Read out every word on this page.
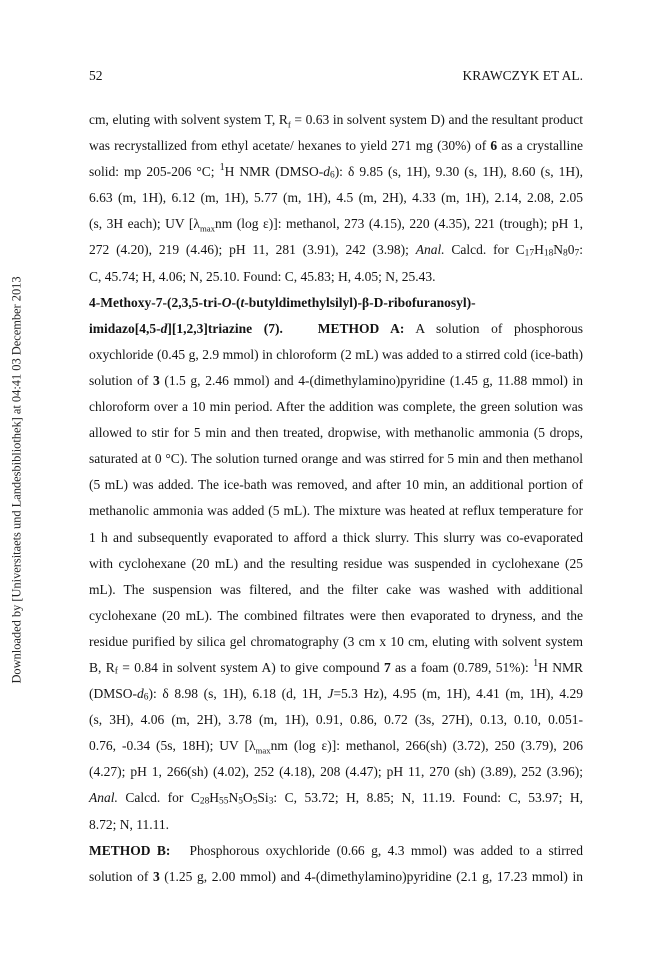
Downloaded by [Universitaets und Landesbibliothek] at 04:41 03 December 2013
52	KRAWCZYK ET AL.
cm, eluting with solvent system T, $R_f = 0.63$ in solvent system D) and the resultant product
was recrystallized from ethyl acetate/ hexanes to yield 271 mg (30%) of 6 as a crystalline
solid: mp 205-206 °C; $^1$H NMR $(DMSO-d_6)$: δ 9.85 (s, 1H), 9.30 (s, 1H), 8.60 (s, 1H),
6.63 (m, 1H), 6.12 (m, 1H), 5.77 (m, 1H), 4.5 (m, 2H), 4.33 (m, 1H), 2.14, 2.08, 2.05
(s, 3H each); UV [$\lambda_{max}nm$ (log ε)]: methanol, 273 (4.15), 220 (4.35), 221 (trough); pH 1,
272 (4.20), 219 (4.46); pH 11, 281 (3.91), 242 (3.98); Anal. Calcd. for $C_{17}H_{18}N_80_7$:
C, 45.74; H, 4.06; N, 25.10. Found: C, 45.83; H, 4.05; N, 25.43.
4-Methoxy-7-(2,3,5-tri-O-(t-butyldimethylsilyl)-β-D-ribofuranosyl)-
imidazo[4,5-d][1,2,3]triazine (7).	METHOD A: A solution of phosphorous
oxychloride (0.45 g, 2.9 mmol) in chloroform (2 mL) was added to a stirred cold (ice-bath)
solution of 3 (1.5 g, 2.46 mmol) and 4-(dimethylamino)pyridine (1.45 g, 11.88 mmol) in
chloroform over a 10 min period. After the addition was complete, the green solution was
allowed to stir for 5 min and then treated, dropwise, with methanolic ammonia (5 drops,
saturated at 0 °C). The solution turned orange and was stirred for 5 min and then methanol
(5 mL) was added. The ice-bath was removed, and after 10 min, an additional portion of
methanolic ammonia was added (5 mL). The mixture was heated at reflux temperature for
1 h and subsequently evaporated to afford a thick slurry. This slurry was co-evaporated
with cyclohexane (20 mL) and the resulting residue was suspended in cyclohexane (25
mL). The suspension was filtered, and the filter cake was washed with additional
cyclohexane (20 mL). The combined filtrates were then evaporated to dryness, and the
residue purified by silica gel chromatography (3 cm x 10 cm, eluting with solvent system
B, $R_f = 0.84$ in solvent system A) to give compound 7 as a foam (0.789, 51%): $^1$H NMR
$(DMSO-d_6)$: δ 8.98 (s, 1H), 6.18 (d, 1H, J=5.3 Hz), 4.95 (m, 1H), 4.41 (m, 1H), 4.29
(s, 3H), 4.06 (m, 2H), 3.78 (m, 1H), 0.91, 0.86, 0.72 (3s, 27H), 0.13, 0.10, 0.051-
0.76, -0.34 (5s, 18H); UV [$\lambda_{max}nm$ (log ε)]: methanol, 266(sh) (3.72), 250 (3.79), 206
(4.27); pH 1, 266(sh) (4.02), 252 (4.18), 208 (4.47); pH 11, 270 (sh) (3.89), 252 (3.96);
Anal. Calcd. for $C_{28}H_{55}N_5O_5Si_3$: C, 53.72; H, 8.85; N, 11.19. Found: C, 53.97; H,
8.72; N, 11.11.
METHOD B:   Phosphorous oxychloride (0.66 g, 4.3 mmol) was added to a stirred
solution of 3 (1.25 g, 2.00 mmol) and 4-(dimethylamino)pyridine (2.1 g, 17.23 mmol) in
